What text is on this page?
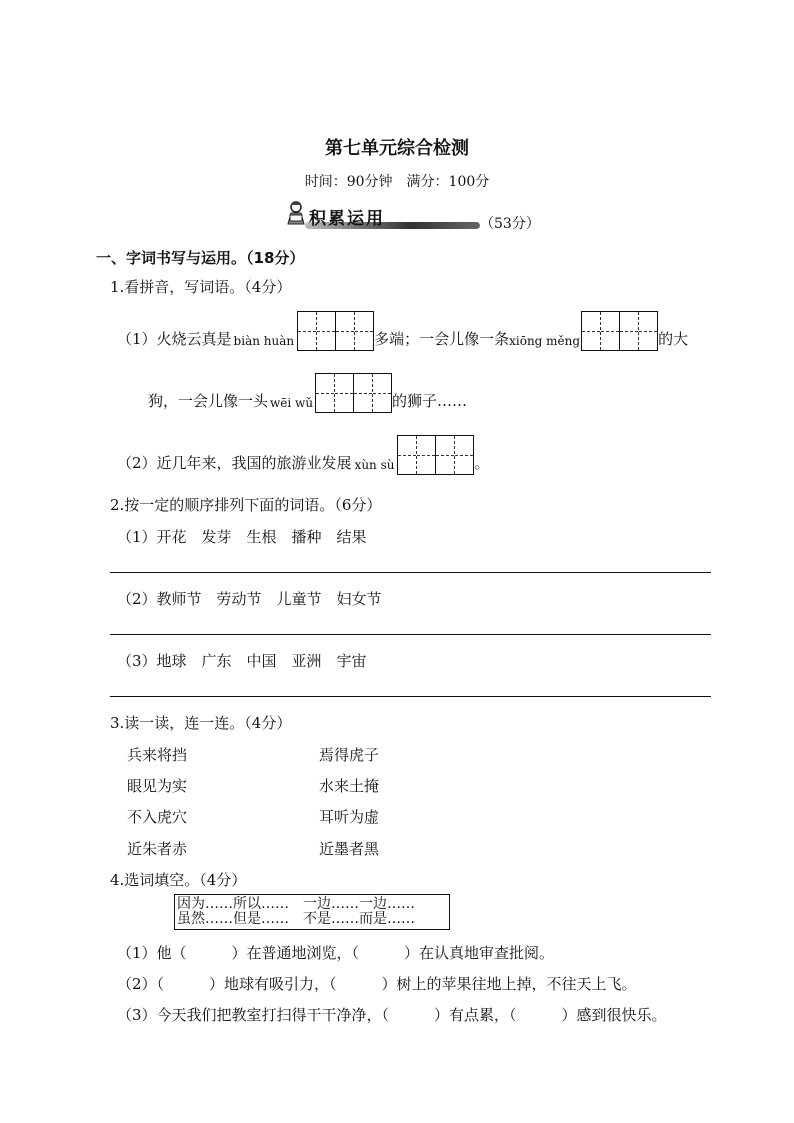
第七单元综合检测
时间：90分钟　满分：100分
积累运用	（53分）
一、字词书写与运用。（18分）
1.看拼音，写词语。（4分）
（1）火烧云真是 biàn huàn	多端；一会儿像一条 xiōng měng	的大
狗，一会儿像一头 wēi wǔ	的狮子……
（2）近几年来，我国的旅游业发展 xùn sù	。
2.按一定的顺序排列下面的词语。（6分）
（1）开花　发芽　生根　播种　结果
（2）教师节　劳动节　儿童节　妇女节
（3）地球　广东　中国　亚洲　宇宙
3.读一读，连一连。（4分）
兵来将挡
眼见为实
不入虎穴
近朱者赤
焉得虎子
水来土掩
耳听为虚
近墨者黑
4.选词填空。（4分）
因为……所以……　一边……一边……
虽然……但是……　不是……而是……
（1）他（　　　）在普通地浏览，（　　　）在认真地审查批阅。
（2）（　　　）地球有吸引力，（　　　）树上的苹果往地上掉，不往天上飞。
（3）今天我们把教室打扫得干干净净，（　　　）有点累，（　　　）感到很快乐。
